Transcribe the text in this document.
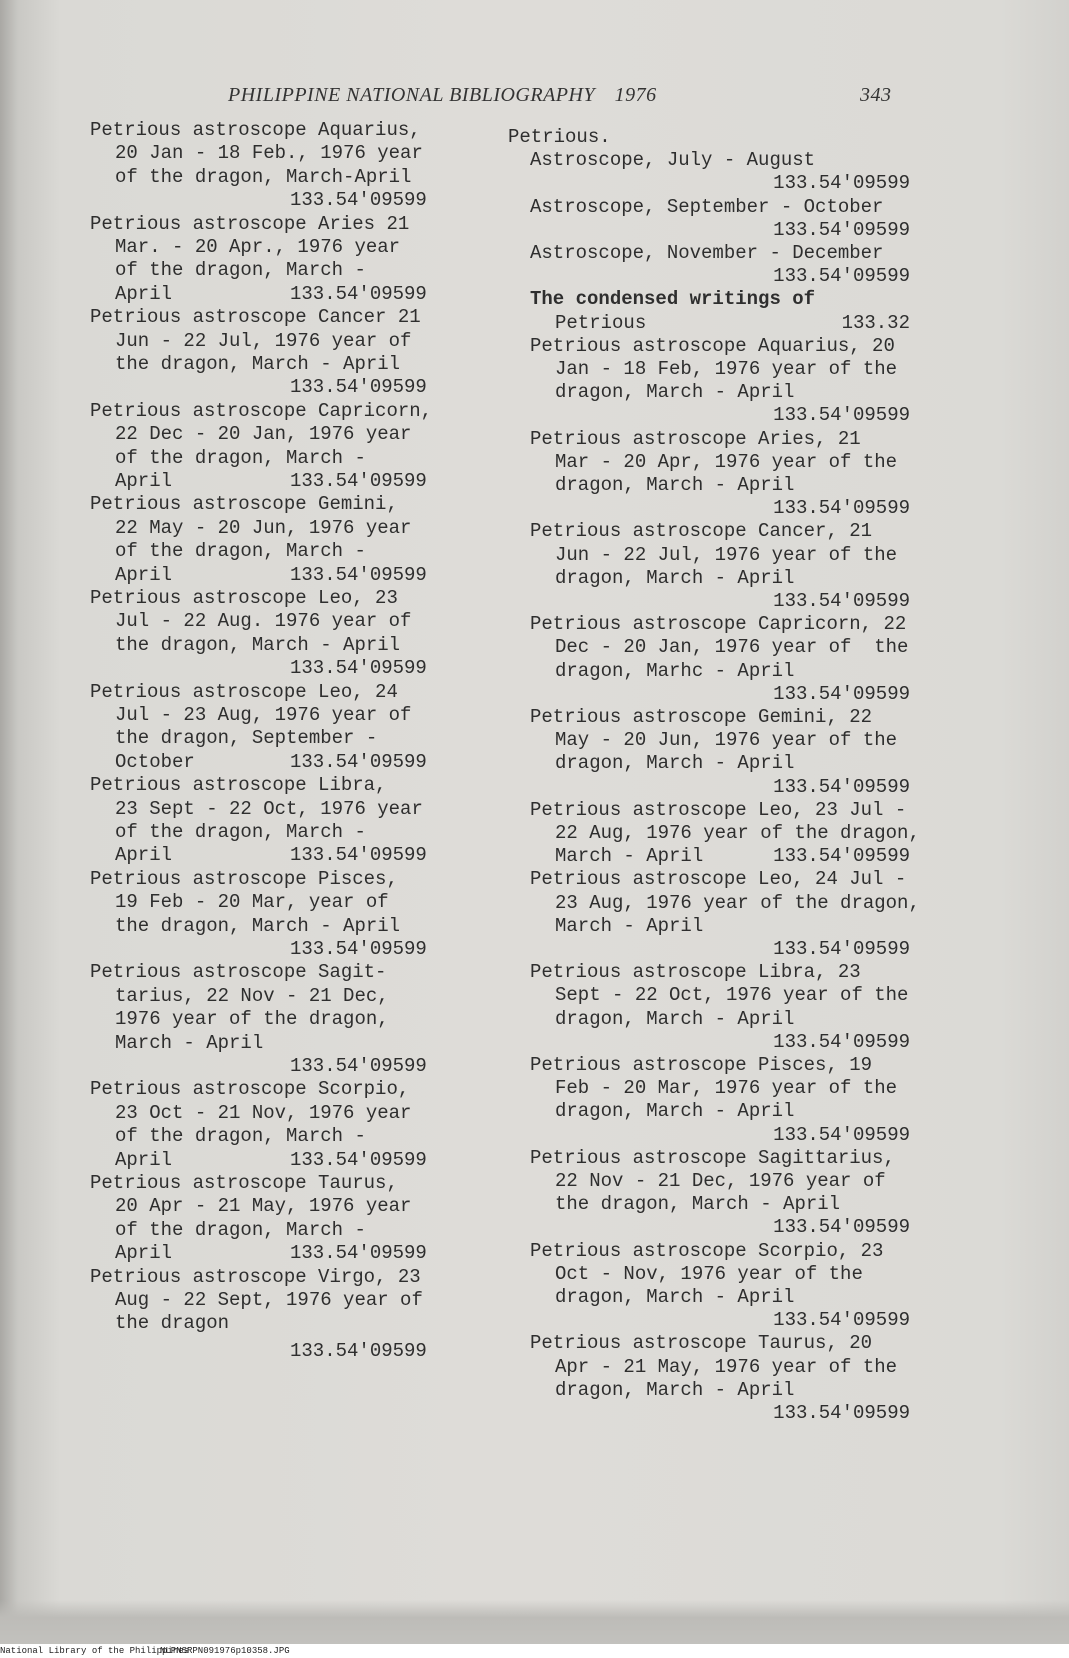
PHILIPPINE NATIONAL BIBLIOGRAPHY 1976	343
Petrious astroscope Aquarius,
20 Jan - 18 Feb., 1976 year
of the dragon, March-April
133.54'09599
Petrious astroscope Aries 21
Mar. - 20 Apr., 1976 year
of the dragon, March -
April	133.54'09599
Petrious astroscope Cancer 21
Jun - 22 Jul, 1976 year of
the dragon, March - April
133.54'09599
Petrious astroscope Capricorn,
22 Dec - 20 Jan, 1976 year
of the dragon, March -
April	133.54'09599
Petrious astroscope Gemini,
22 May - 20 Jun, 1976 year
of the dragon, March -
April	133.54'09599
Petrious astroscope Leo, 23
Jul - 22 Aug. 1976 year of
the dragon, March - April
133.54'09599
Petrious astroscope Leo, 24
Jul - 23 Aug, 1976 year of
the dragon, September -
October	133.54'09599
Petrious astroscope Libra,
23 Sept - 22 Oct, 1976 year
of the dragon, March -
April	133.54'09599
Petrious astroscope Pisces,
19 Feb - 20 Mar, year of
the dragon, March - April
133.54'09599
Petrious astroscope Sagit-
tarius, 22 Nov - 21 Dec,
1976 year of the dragon,
March - April
133.54'09599
Petrious astroscope Scorpio,
23 Oct - 21 Nov, 1976 year
of the dragon, March -
April	133.54'09599
Petrious astroscope Taurus,
20 Apr - 21 May, 1976 year
of the dragon, March -
April	133.54'09599
Petrious astroscope Virgo, 23
Aug - 22 Sept, 1976 year of
the dragon
133.54'09599
Petrious.
Astroscope, July - August
133.54'09599
Astroscope, September - October
133.54'09599
Astroscope, November - December
133.54'09599
The condensed writings of
Petrious	133.32
Petrious astroscope Aquarius, 20
Jan - 18 Feb, 1976 year of the
dragon, March - April
133.54'09599
Petrious astroscope Aries, 21
Mar - 20 Apr, 1976 year of the
dragon, March - April
133.54'09599
Petrious astroscope Cancer, 21
Jun - 22 Jul, 1976 year of the
dragon, March - April
133.54'09599
Petrious astroscope Capricorn, 22
Dec - 20 Jan, 1976 year of  the
dragon, Marhc - April
133.54'09599
Petrious astroscope Gemini, 22
May - 20 Jun, 1976 year of the
dragon, March - April
133.54'09599
Petrious astroscope Leo, 23 Jul -
22 Aug, 1976 year of the dragon,
March - April	133.54'09599
Petrious astroscope Leo, 24 Jul -
23 Aug, 1976 year of the dragon,
March - April
133.54'09599
Petrious astroscope Libra, 23
Sept - 22 Oct, 1976 year of the
dragon, March - April
133.54'09599
Petrious astroscope Pisces, 19
Feb - 20 Mar, 1976 year of the
dragon, March - April
133.54'09599
Petrious astroscope Sagittarius,
22 Nov - 21 Dec, 1976 year of
the dragon, March - April
133.54'09599
Petrious astroscope Scorpio, 23
Oct - Nov, 1976 year of the
dragon, March - April
133.54'09599
Petrious astroscope Taurus, 20
Apr - 21 May, 1976 year of the
dragon, March - April
133.54'09599
National Library of the Philippines
NLPNSRPN091976p10358.JPG
